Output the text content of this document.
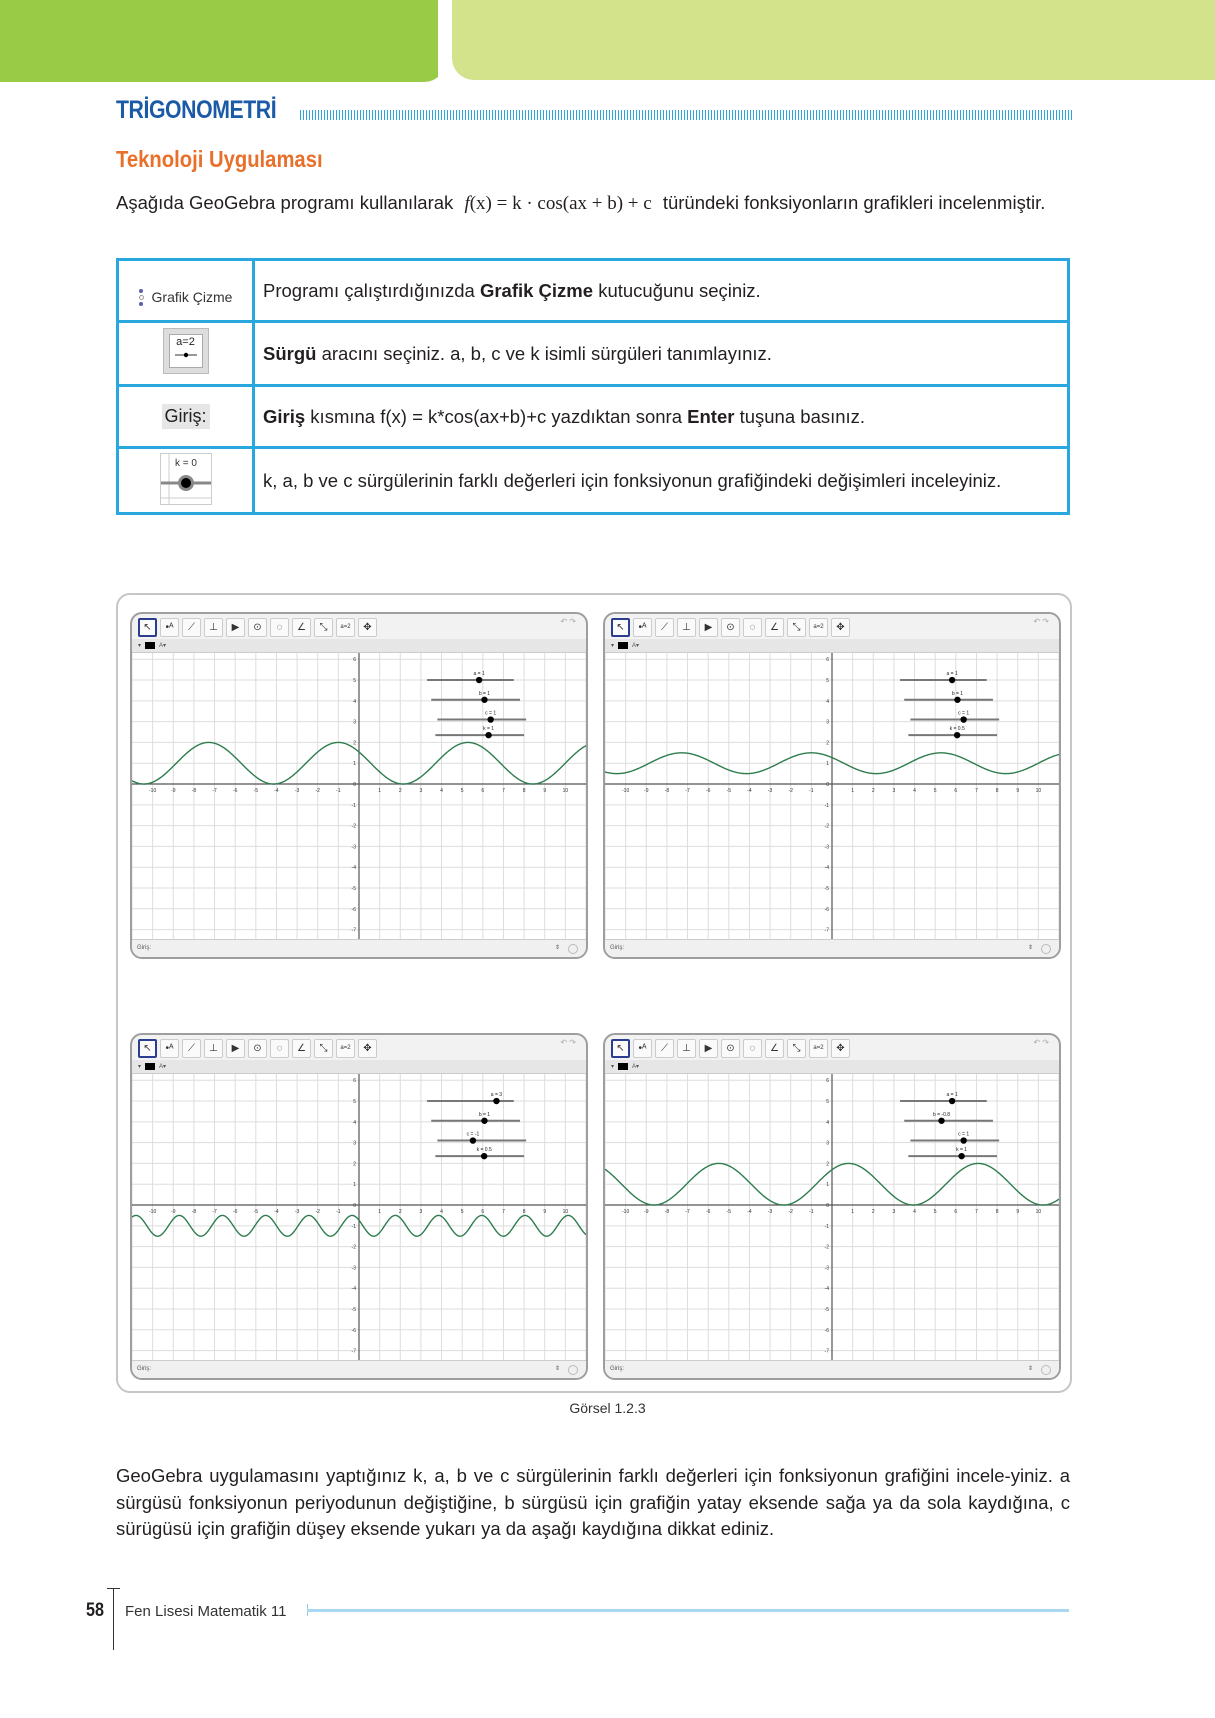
TRİGONOMETRİ
Teknoloji Uygulaması
Aşağıda GeoGebra programı kullanılarak f(x) = k · cos(ax + b) + c türündeki fonksiyonların grafikleri incelenmiştir.
Grafik Çizme	Programı çalıştırdığınızda Grafik Çizme kutucuğunu seçiniz.

a=2	Sürgü aracını seçiniz. a, b, c ve k isimli sürgüleri tanımlayınız.
Giriş:	Giriş kısmına f(x) = k*cos(ax+b)+c yazdıktan sonra Enter tuşuna basınız.

k = 0	k, a, b ve c sürgülerinin farklı değerleri için fonksiyonun grafiğindeki değişimleri inceleyiniz.
↖	•ᴬ	⟋	⊥	▶	⊙	◌	∠	⤡	a=2	✥
↶ ↷
▾	A▾
-10	-9	-8	-7	-6	-5	-4	-3	-2	-1	1	2	3	4	5	6	7	8	9	10
-7
-6
-5
-4
-3
-2
-1
0
1
2
3
4
5
6
a = 1
b = 1
c = 1
k = 1
Giriş:	⇕
↖	•ᴬ	⟋	⊥	▶	⊙	◌	∠	⤡	a=2	✥
↶ ↷
▾	A▾
-10	-9	-8	-7	-6	-5	-4	-3	-2	-1	1	2	3	4	5	6	7	8	9	10
-7
-6
-5
-4
-3
-2
-1
0
1
2
3
4
5
6
a = 1
b = 1
c = 1
k = 0.5
Giriş:	⇕
↖	•ᴬ	⟋	⊥	▶	⊙	◌	∠	⤡	a=2	✥
↶ ↷
▾	A▾
-10	-9	-8	-7	-6	-5	-4	-3	-2	-1	1	2	3	4	5	6	7	8	9	10
-7
-6
-5
-4
-3
-2
-1
0
1
2
3
4
5
6
a = 3
b = 1
c = -1
k = 0.5
Giriş:	⇕
↖	•ᴬ	⟋	⊥	▶	⊙	◌	∠	⤡	a=2	✥
↶ ↷
▾	A▾
-10	-9	-8	-7	-6	-5	-4	-3	-2	-1	1	2	3	4	5	6	7	8	9	10
-7
-6
-5
-4
-3
-2
-1
0
1
2
3
4
5
6
a = 1
b = -0.8
c = 1
k = 1
Giriş:	⇕
Görsel 1.2.3
GeoGebra uygulamasını yaptığınız k, a, b ve c sürgülerinin farklı değerleri için fonksiyonun grafiğini incele-yiniz. a sürgüsü fonksiyonun periyodunun değiştiğine, b sürgüsü için grafiğin yatay eksende sağa ya da sola kaydığına, c sürügüsü için grafiğin düşey eksende yukarı ya da aşağı kaydığına dikkat ediniz.
58 Fen Lisesi Matematik 11
